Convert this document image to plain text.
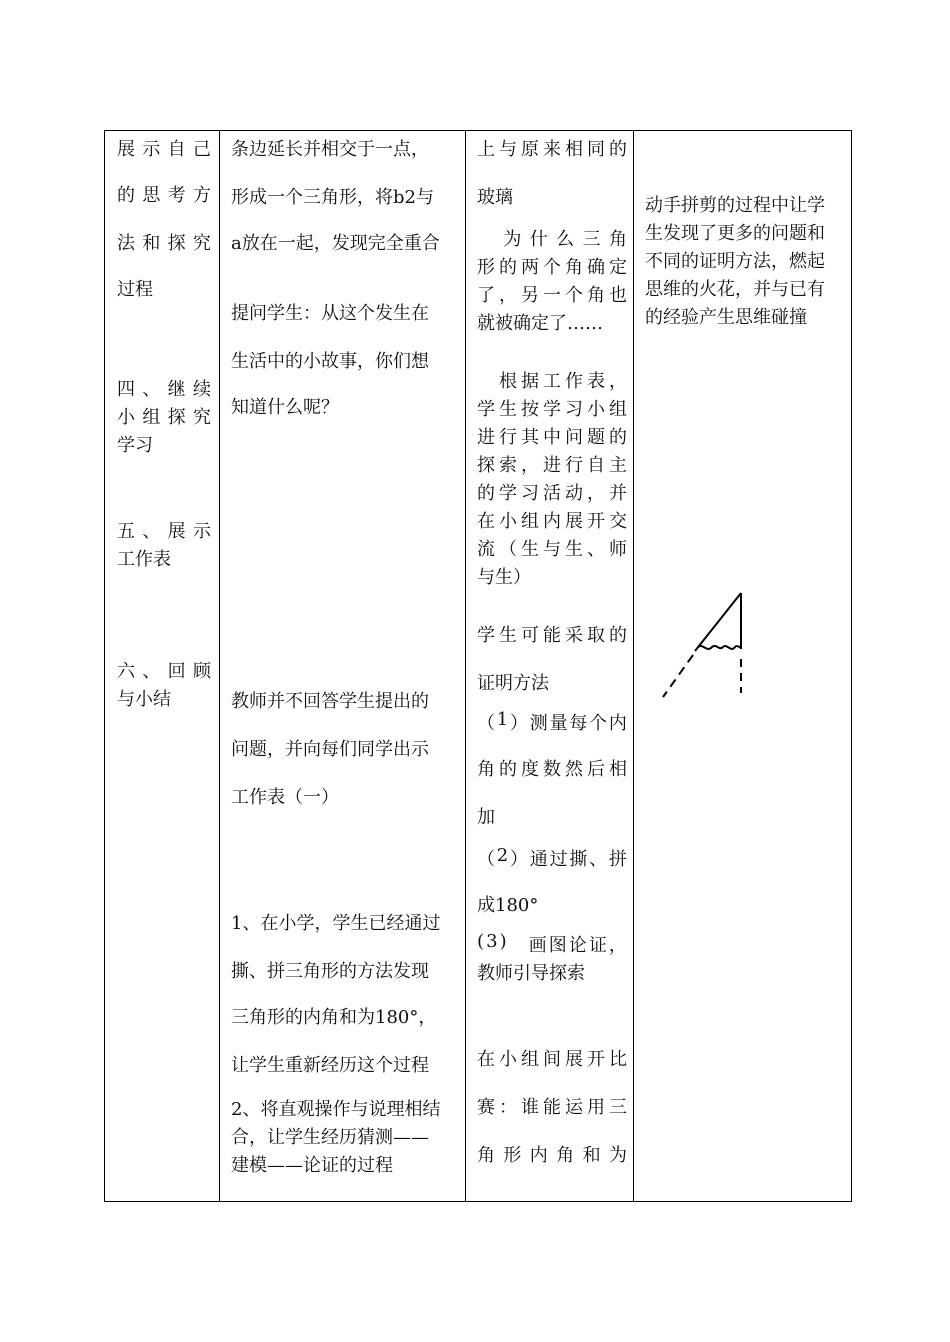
展 示 自 己
的 思 考 方
法 和 探 究
过程
四 、 继 续
小 组 探 究
学习
五 、 展 示
工作表
六 、 回 顾
与小结
条边延长并相交于一点，
形成一个三角形，将b2与
a放在一起，发现完全重合
提问学生：从这个发生在
生活中的小故事，你们想
知道什么呢？
教师并不回答学生提出的
问题，并向每们同学出示
工作表（一）
1、在小学，学生已经通过
撕、拼三角形的方法发现
三角形的内角和为180°，
让学生重新经历这个过程
2、将直观操作与说理相结
合，让学生经历猜测——
建模——论证的过程
上 与 原 来 相 同 的
玻璃

为 什 么 三 角
形 的 两 个 角 确 定
了 ， 另 一 个 角 也
就被确定了……

根 据 工 作 表 ，
学 生 按 学 习 小 组
进 行 其 中 问 题 的
探 索 ， 进 行 自 主
的 学 习 活 动 ， 并
在 小 组 内 展 开 交
流 （ 生 与 生 、 师
与生）
学 生 可 能 采 取 的
证明方法
（ 1 ） 测 量 每 个 内
角 的 度 数 然 后 相
加
（ 2 ） 通 过 撕 、 拼
成180°
( 3 )
　 画 图 论 证 ，
教师引导探索
在 小 组 间 展 开 比
赛 ： 谁 能 运 用 三
角 形 内 角 和 为
动手拼剪的过程中让学
生发现了更多的问题和
不同的证明方法，燃起
思维的火花，并与已有
的经验产生思维碰撞
